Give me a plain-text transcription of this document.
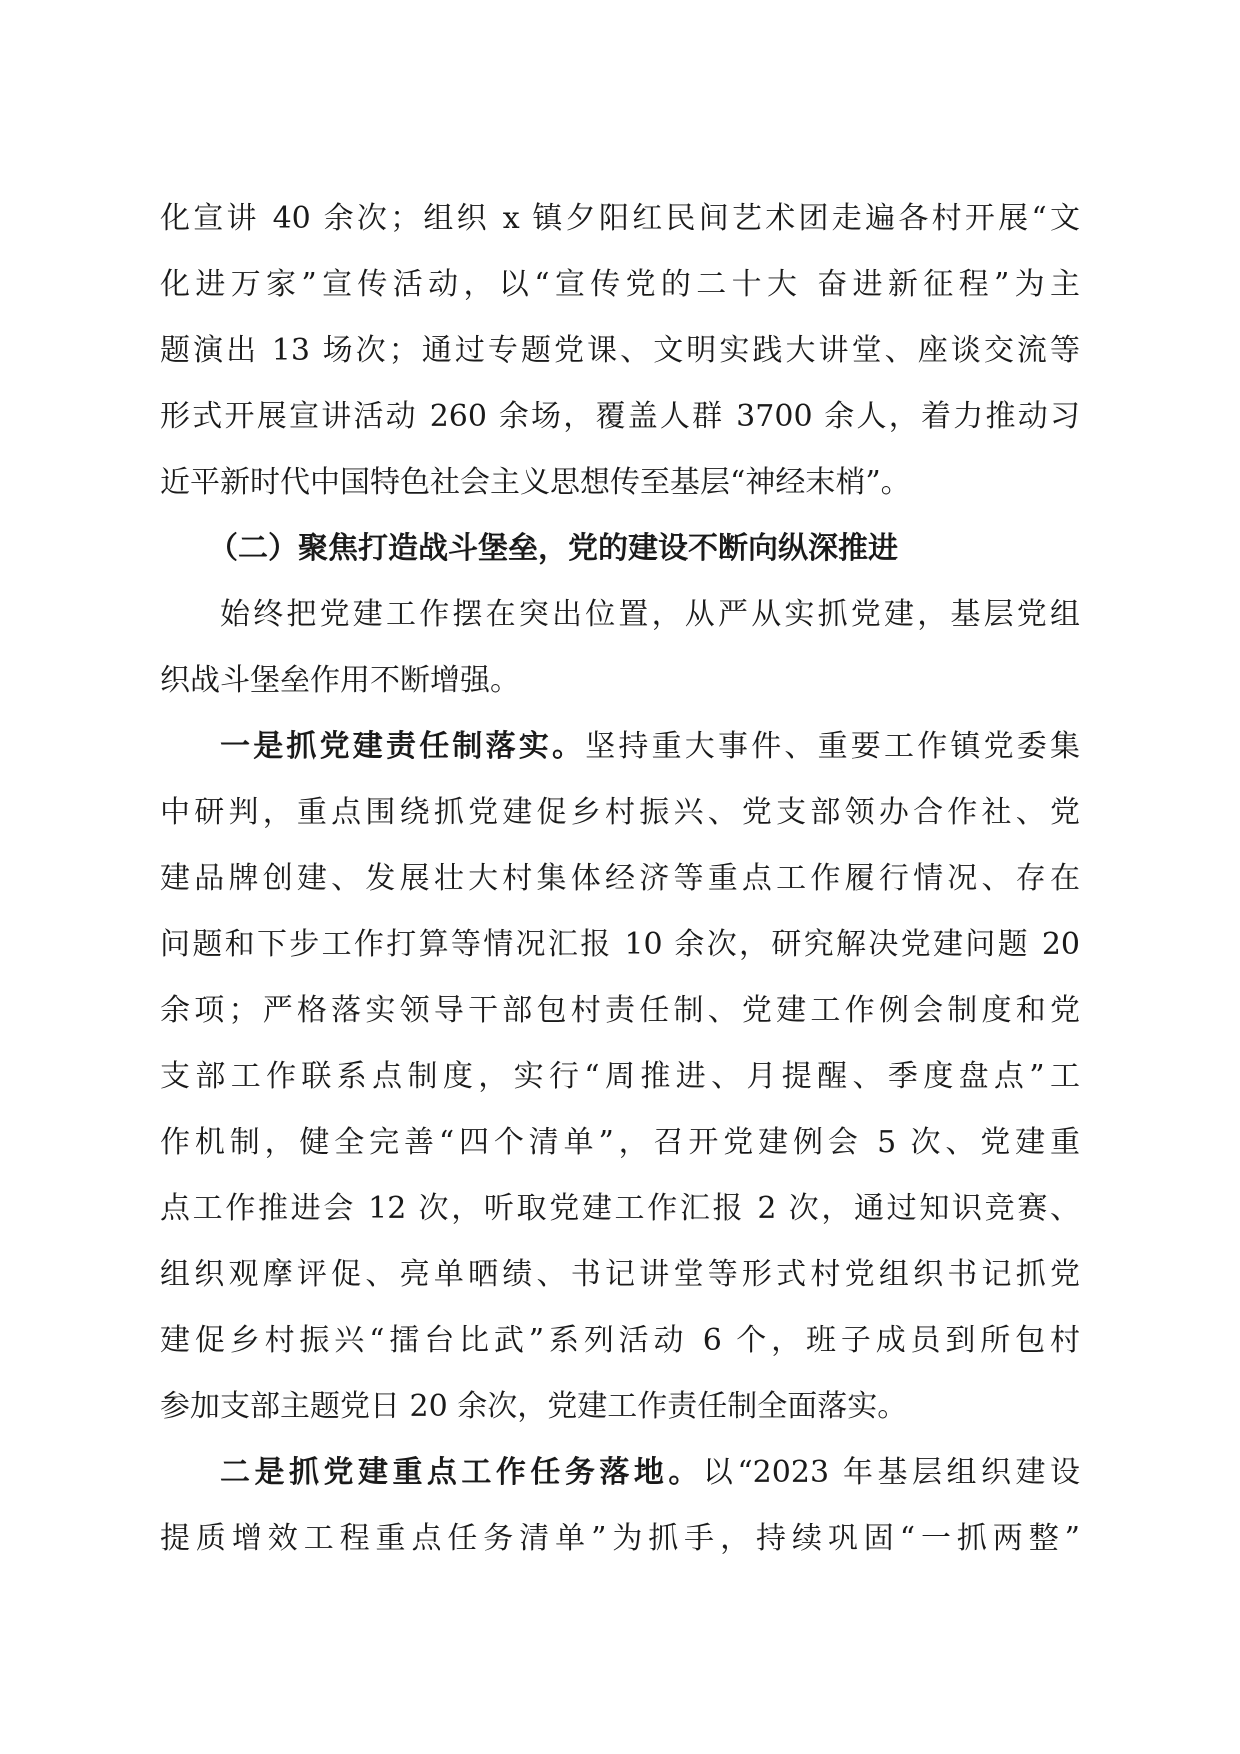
化宣讲 40 余次；组织 x 镇夕阳红民间艺术团走遍各村开展“文
化进万家”宣传活动，以“宣传党的二十大 奋进新征程”为主
题演出 13 场次；通过专题党课、文明实践大讲堂、座谈交流等
形式开展宣讲活动 260 余场，覆盖人群 3700 余人，着力推动习
近平新时代中国特色社会主义思想传至基层“神经末梢”。
（二）聚焦打造战斗堡垒，党的建设不断向纵深推进
始终把党建工作摆在突出位置，从严从实抓党建，基层党组
织战斗堡垒作用不断增强。
一是抓党建责任制落实。坚持重大事件、重要工作镇党委集
中研判，重点围绕抓党建促乡村振兴、党支部领办合作社、党
建品牌创建、发展壮大村集体经济等重点工作履行情况、存在
问题和下步工作打算等情况汇报 10 余次，研究解决党建问题 20
余项；严格落实领导干部包村责任制、党建工作例会制度和党
支部工作联系点制度，实行“周推进、月提醒、季度盘点”工
作机制，健全完善“四个清单”，召开党建例会 5 次、党建重
点工作推进会 12 次，听取党建工作汇报 2 次，通过知识竞赛、
组织观摩评促、亮单晒绩、书记讲堂等形式村党组织书记抓党
建促乡村振兴“擂台比武”系列活动 6 个，班子成员到所包村
参加支部主题党日 20 余次，党建工作责任制全面落实。
二是抓党建重点工作任务落地。以“2023 年基层组织建设
提质增效工程重点任务清单”为抓手，持续巩固“一抓两整”
